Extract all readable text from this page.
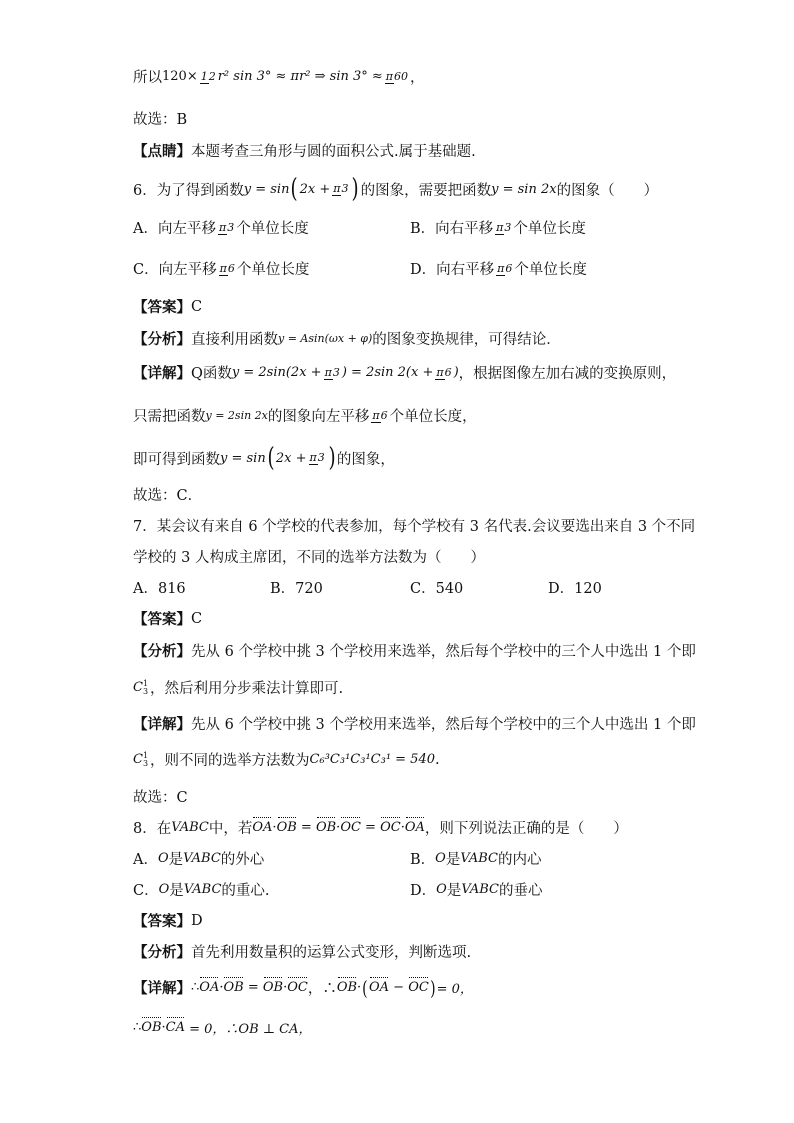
所以 120× 12 r² sin 3° ≈ πr² ⇒ sin 3° ≈ π60 ，
故选：B
【点睛】 本题考查三角形与圆的面积公式.属于基础题.
6．为了得到函数 y = sin ( 2x + π3 ) 的图象，需要把函数 y = sin 2x 的图象（　　）
A．向左平移 π3 个单位长度	B．向右平移 π3 个单位长度
C．向左平移 π6 个单位长度	D．向右平移 π6 个单位长度
【答案】 C
【分析】 直接利用函数 y = Asin(ωx + φ) 的图象变换规律，可得结论．
【详解】 Q函数 y = 2sin(2x + π3 ) = 2sin 2(x + π6 ) ，根据图像左加右减的变换原则，
只需把函数 y = 2sin 2x 的图象向左平移 π6 个单位长度，
即可得到函数 y = sin ( 2x + π3 ) 的图象，
故选：C．
7．某会议有来自 6 个学校的代表参加，每个学校有 3 名代表.会议要选出来自 3 个不同
学校的 3 人构成主席团，不同的选举方法数为（　　）
A．816	B．720	C．540	D．120
【答案】 C
【分析】 先从 6 个学校中挑 3 个学校用来选举，然后每个学校中的三个人中选出 1 个即
C 1
3 ，然后利用分步乘法计算即可.
【详解】 先从 6 个学校中挑 3 个学校用来选举，然后每个学校中的三个人中选出 1 个即
C 1
3 ，则不同的选举方法数为 C₆³C₃¹C₃¹C₃¹ = 540 .
故选：C
8．在 VABC 中，若 OA · OB = OB · OC = OC · OA ，则下列说法正确的是（　　）
A． O 是 VABC 的外心	B． O 是 VABC 的内心
C． O 是 VABC 的重心.	D． O 是 VABC 的垂心
【答案】 D
【分析】 首先利用数量积的运算公式变形，判断选项.
【详解】 ∴ OA · OB = OB · OC ，∴ OB · ( OA − OC ) = 0，
∴ OB · CA
= 0，∴OB ⊥ CA，
